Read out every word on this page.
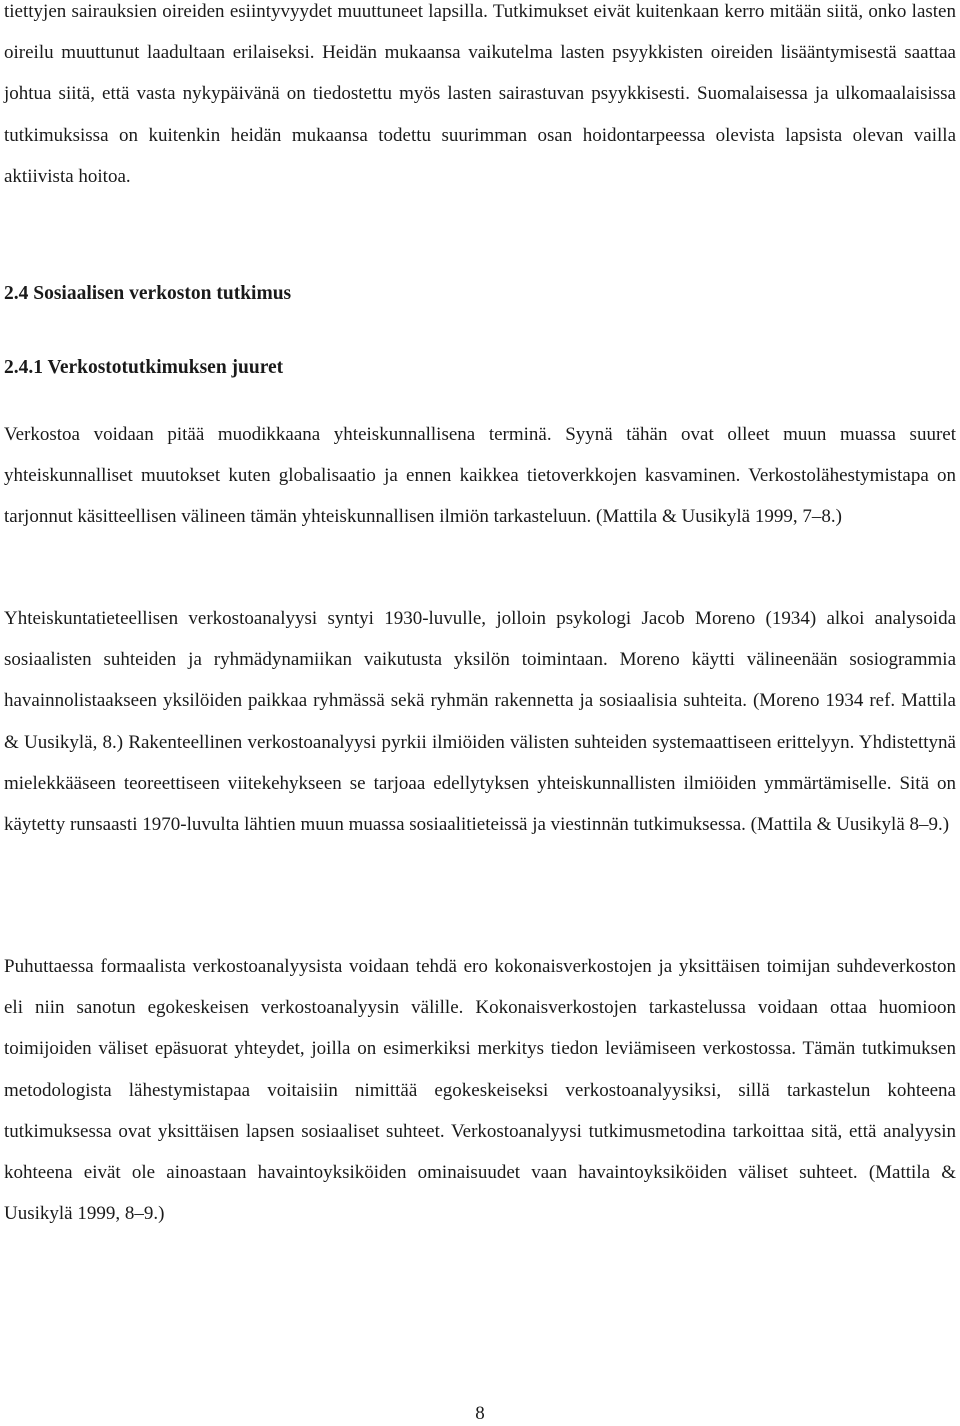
tiettyjen sairauksien oireiden esiintyvyydet muuttuneet lapsilla. Tutkimukset eivät kuitenkaan kerro mitään siitä, onko lasten oireilu muuttunut laadultaan erilaiseksi. Heidän mukaansa vaikutelma lasten psyykkisten oireiden lisääntymisestä saattaa johtua siitä, että vasta nykypäivänä on tiedostettu myös lasten sairastuvan psyykkisesti. Suomalaisessa ja ulkomaalaisissa tutkimuksissa on kuitenkin heidän mukaansa todettu suurimman osan hoidontarpeessa olevista lapsista olevan vailla aktiivista hoitoa.

2.4 Sosiaalisen verkoston tutkimus
2.4.1 Verkostotutkimuksen juuret

Verkostoa voidaan pitää muodikkaana yhteiskunnallisena terminä. Syynä tähän ovat olleet muun muassa suuret yhteiskunnalliset muutokset kuten globalisaatio ja ennen kaikkea tietoverkkojen kasvaminen. Verkostolähestymistapa on tarjonnut käsitteellisen välineen tämän yhteiskunnallisen ilmiön tarkasteluun. (Mattila & Uusikylä 1999, 7–8.)

Yhteiskuntatieteellisen verkostoanalyysi syntyi 1930-luvulle, jolloin psykologi Jacob Moreno (1934) alkoi analysoida sosiaalisten suhteiden ja ryhmädynamiikan vaikutusta yksilön toimintaan. Moreno käytti välineenään sosiogrammia havainnolistaakseen yksilöiden paikkaa ryhmässä sekä ryhmän rakennetta ja sosiaalisia suhteita. (Moreno 1934 ref. Mattila & Uusikylä, 8.) Rakenteellinen verkostoanalyysi pyrkii ilmiöiden välisten suhteiden systemaattiseen erittelyyn. Yhdistettynä mielekkääseen teoreettiseen viitekehykseen se tarjoaa edellytyksen yhteiskunnallisten ilmiöiden ymmärtämiselle. Sitä on käytetty runsaasti 1970-luvulta lähtien muun muassa sosiaalitieteissä ja viestinnän tutkimuksessa. (Mattila & Uusikylä 8–9.)

Puhuttaessa formaalista verkostoanalyysista voidaan tehdä ero kokonaisverkostojen ja yksittäisen toimijan suhdeverkoston eli niin sanotun egokeskeisen verkostoanalyysin välille. Kokonaisverkostojen tarkastelussa voidaan ottaa huomioon toimijoiden väliset epäsuorat yhteydet, joilla on esimerkiksi merkitys tiedon leviämiseen verkostossa. Tämän tutkimuksen metodologista lähestymistapaa voitaisiin nimittää egokeskeiseksi verkostoanalyysiksi, sillä tarkastelun kohteena tutkimuksessa ovat yksittäisen lapsen sosiaaliset suhteet. Verkostoanalyysi tutkimusmetodina tarkoittaa sitä, että analyysin kohteena eivät ole ainoastaan havaintoyksiköiden ominaisuudet vaan havaintoyksiköiden väliset suhteet. (Mattila & Uusikylä 1999, 8–9.)

8
